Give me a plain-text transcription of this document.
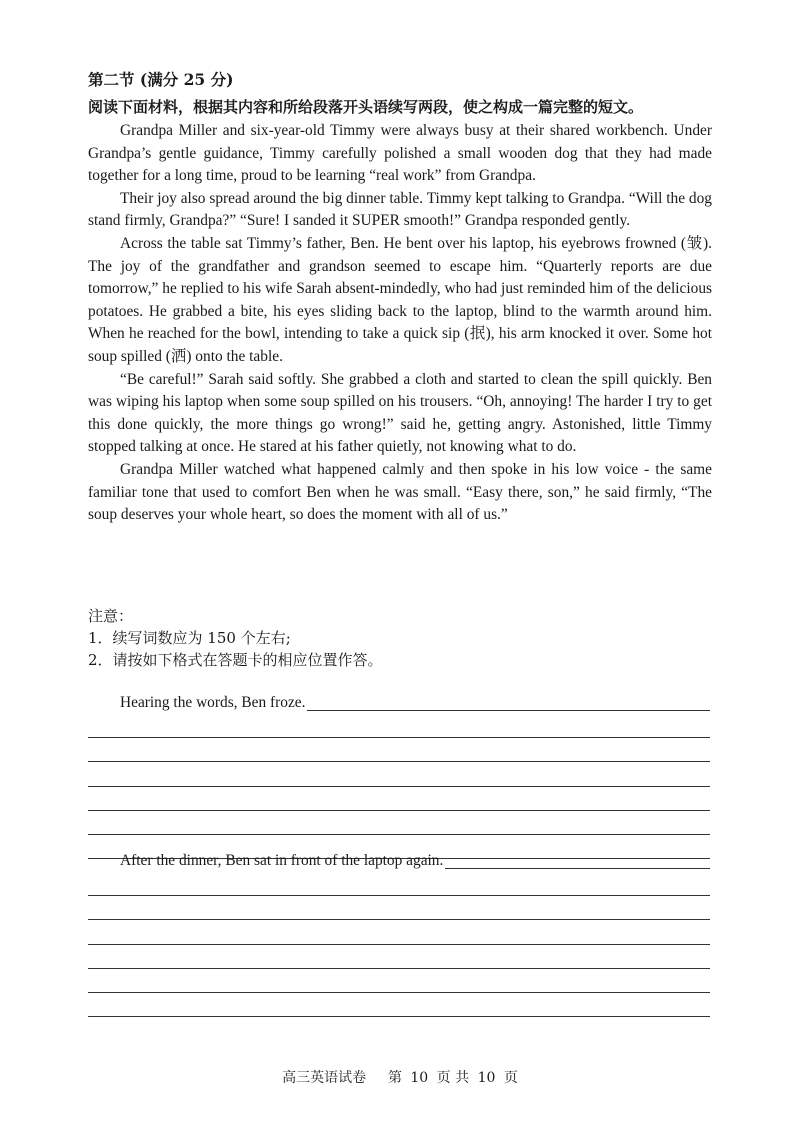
第二节 (满分 25 分)
阅读下面材料，根据其内容和所给段落开头语续写两段，使之构成一篇完整的短文。

Grandpa Miller and six-year-old Timmy were always busy at their shared workbench. Under Grandpa’s gentle guidance, Timmy carefully polished a small wooden dog that they had made together for a long time, proud to be learning “real work” from Grandpa.

Their joy also spread around the big dinner table. Timmy kept talking to Grandpa. “Will the dog stand firmly, Grandpa?” “Sure! I sanded it SUPER smooth!” Grandpa responded gently.

Across the table sat Timmy’s father, Ben. He bent over his laptop, his eyebrows frowned (皱). The joy of the grandfather and grandson seemed to escape him. “Quarterly reports are due tomorrow,” he replied to his wife Sarah absent-mindedly, who had just reminded him of the delicious potatoes. He grabbed a bite, his eyes sliding back to the laptop, blind to the warmth around him. When he reached for the bowl, intending to take a quick sip (抿), his arm knocked it over. Some hot soup spilled (洒) onto the table.

“Be careful!” Sarah said softly. She grabbed a cloth and started to clean the spill quickly. Ben was wiping his laptop when some soup spilled on his trousers. “Oh, annoying! The harder I try to get this done quickly, the more things go wrong!” said he, getting angry. Astonished, little Timmy stopped talking at once. He stared at his father quietly, not knowing what to do.

Grandpa Miller watched what happened calmly and then spoke in his low voice - the same familiar tone that used to comfort Ben when he was small. “Easy there, son,” he said firmly, “The soup deserves your whole heart, so does the moment with all of us.”

注意：
1．续写词数应为 150 个左右;
2．请按如下格式在答题卡的相应位置作答。
Hearing the words, Ben froze.
After the dinner, Ben sat in front of the laptop again.
高三英语试卷 第 10 页 共 10 页
